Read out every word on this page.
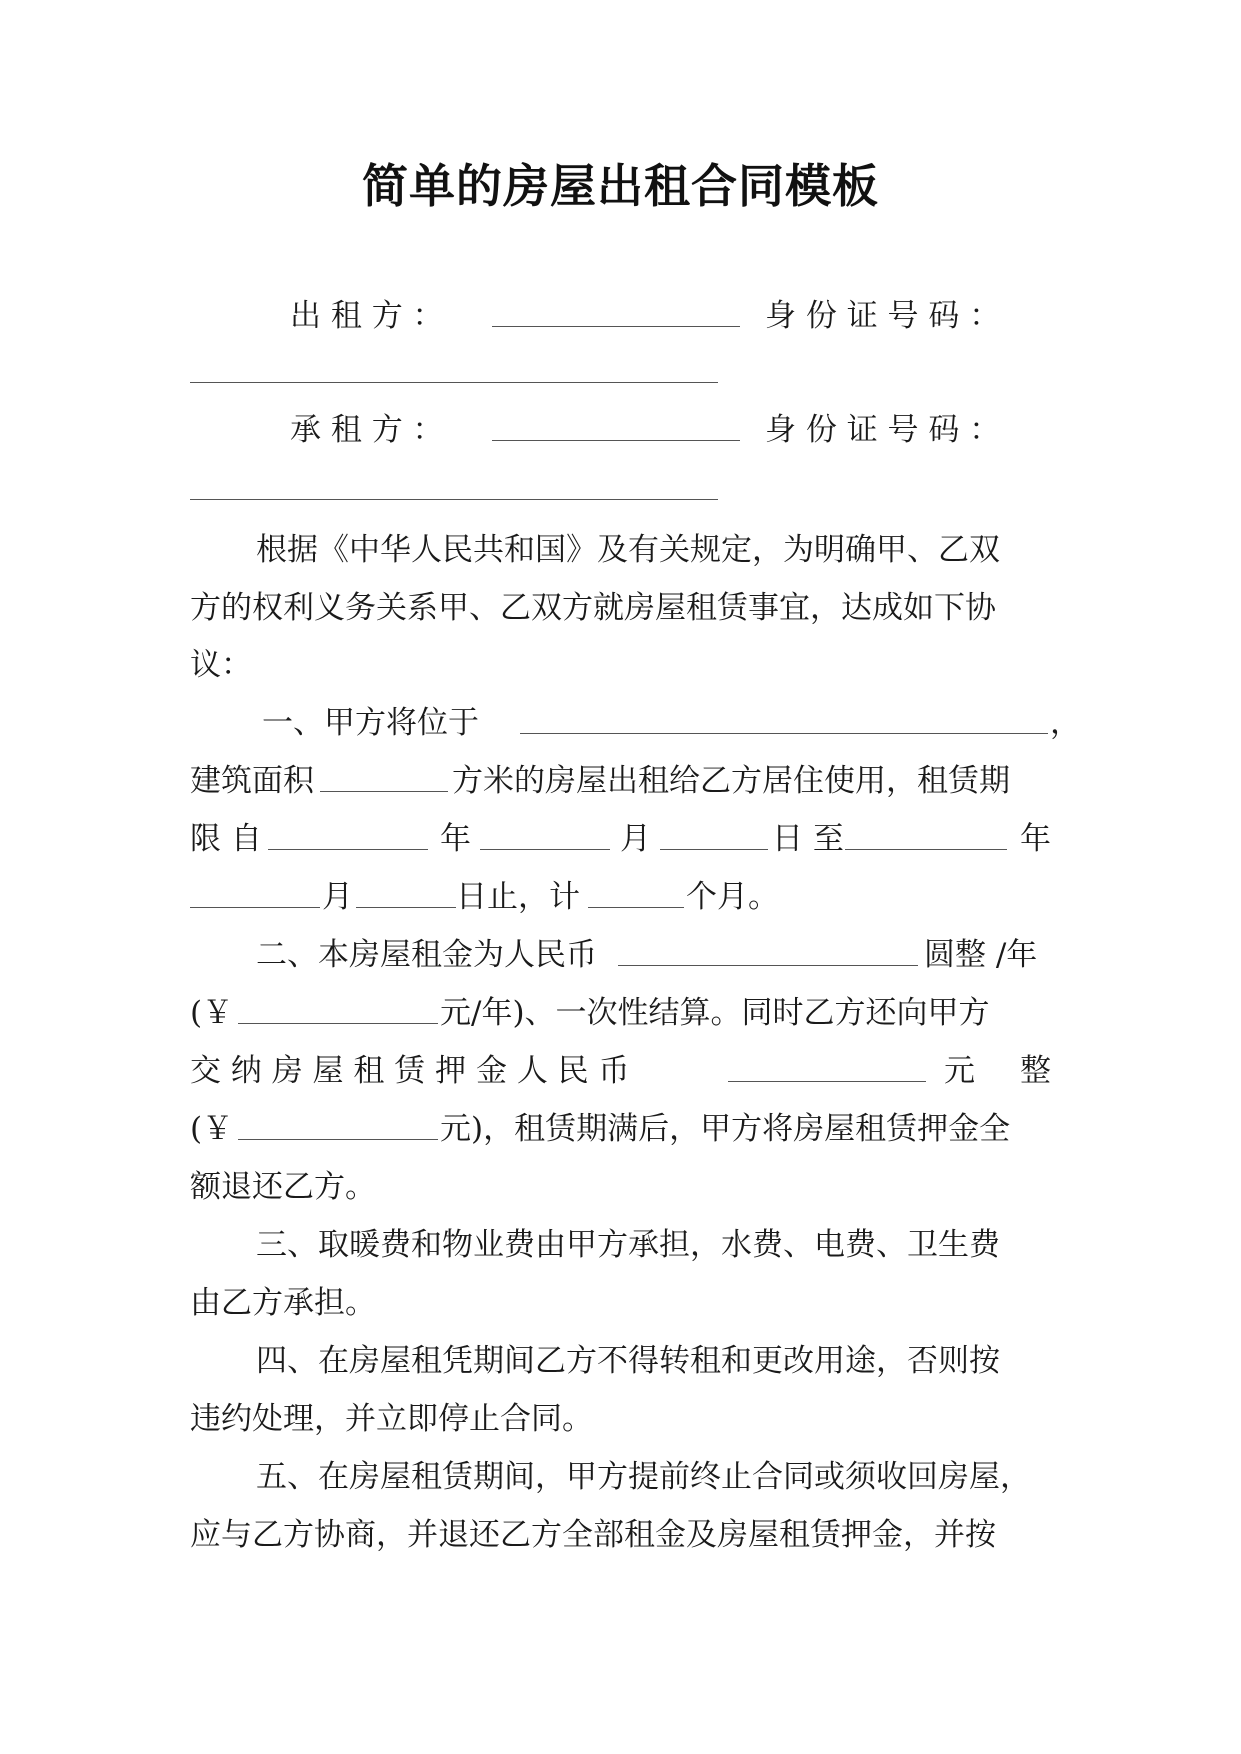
简单的房屋出租合同模板
出 租 方 ：	身 份 证 号 码 ：
承 租 方 ：	身 份 证 号 码 ：
根据《中华人民共和国》及有关规定，为明确甲、乙双
方的权利义务关系甲、乙双方就房屋租赁事宜，达成如下协
议：
一、甲方将位于	，
建筑面积	方米的房屋出租给乙方居住使用，租赁期
限 自	年	月	日 至	年
月	日止，计	个月。
二、本房屋租金为人民币	圆整 /年
(￥	元/年)、一次性结算。同时乙方还向甲方
交 纳 房 屋 租 赁 押 金 人 民 币	元 整
(￥	元)，租赁期满后，甲方将房屋租赁押金全
额退还乙方。
三、取暖费和物业费由甲方承担，水费、电费、卫生费
由乙方承担。
四、在房屋租凭期间乙方不得转租和更改用途，否则按
违约处理，并立即停止合同。
五、在房屋租赁期间，甲方提前终止合同或须收回房屋，
应与乙方协商，并退还乙方全部租金及房屋租赁押金，并按
